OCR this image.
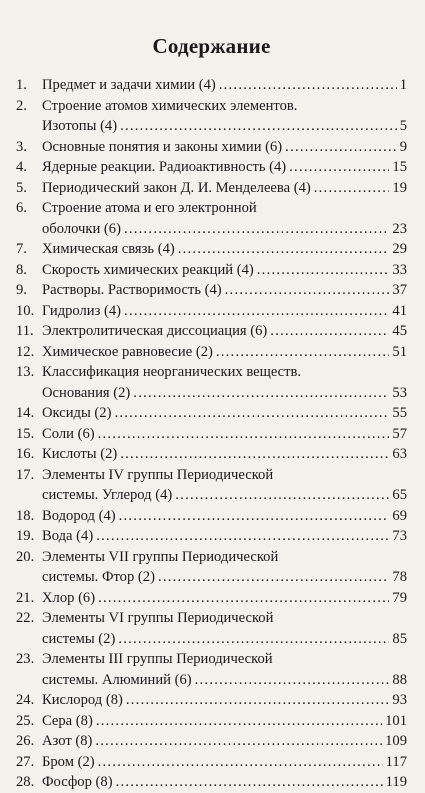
Содержание
1.	Предмет и задачи химии (4) . . .	1
2.	Строение атомов химических элементов.
Изотопы (4) . . .	5
3.	Основные понятия и законы химии (6) . . .	9
4.	Ядерные реакции. Радиоактивность (4) . . .	15
5.	Периодический закон Д. И. Менделеева (4) . . .	19
6.	Строение атома и его электронной
оболочки (6) . . .	23
7.	Химическая связь (4) . . .	29
8.	Скорость химических реакций (4) . . .	33
9.	Растворы. Растворимость (4) . . .	37
10. Гидролиз (4) . . .	41
11. Электролитическая диссоциация (6) . . .	45
12. Химическое равновесие (2) . . .	51
13. Классификация неорганических веществ.
Основания (2) . . .	53
14. Оксиды (2) . . .	55
15. Соли (6) . . .	57
16. Кислоты (2) . . .	63
17. Элементы IV группы Периодической
системы. Углерод (4) . . .	65
18. Водород (4) . . .	69
19. Вода (4) . . .	73
20. Элементы VII группы Периодической
системы. Фтор (2) . . .	78
21. Хлор (6) . . .	79
22. Элементы VI группы Периодической
системы (2) . . .	85
23. Элементы III группы Периодической
системы. Алюминий (6) . . .	88
24. Кислород (8) . . .	93
25. Сера (8) . . .	101
26. Азот (8) . . .	109
27. Бром (2) . . .	117
28. Фосфор (8) . . .	119
